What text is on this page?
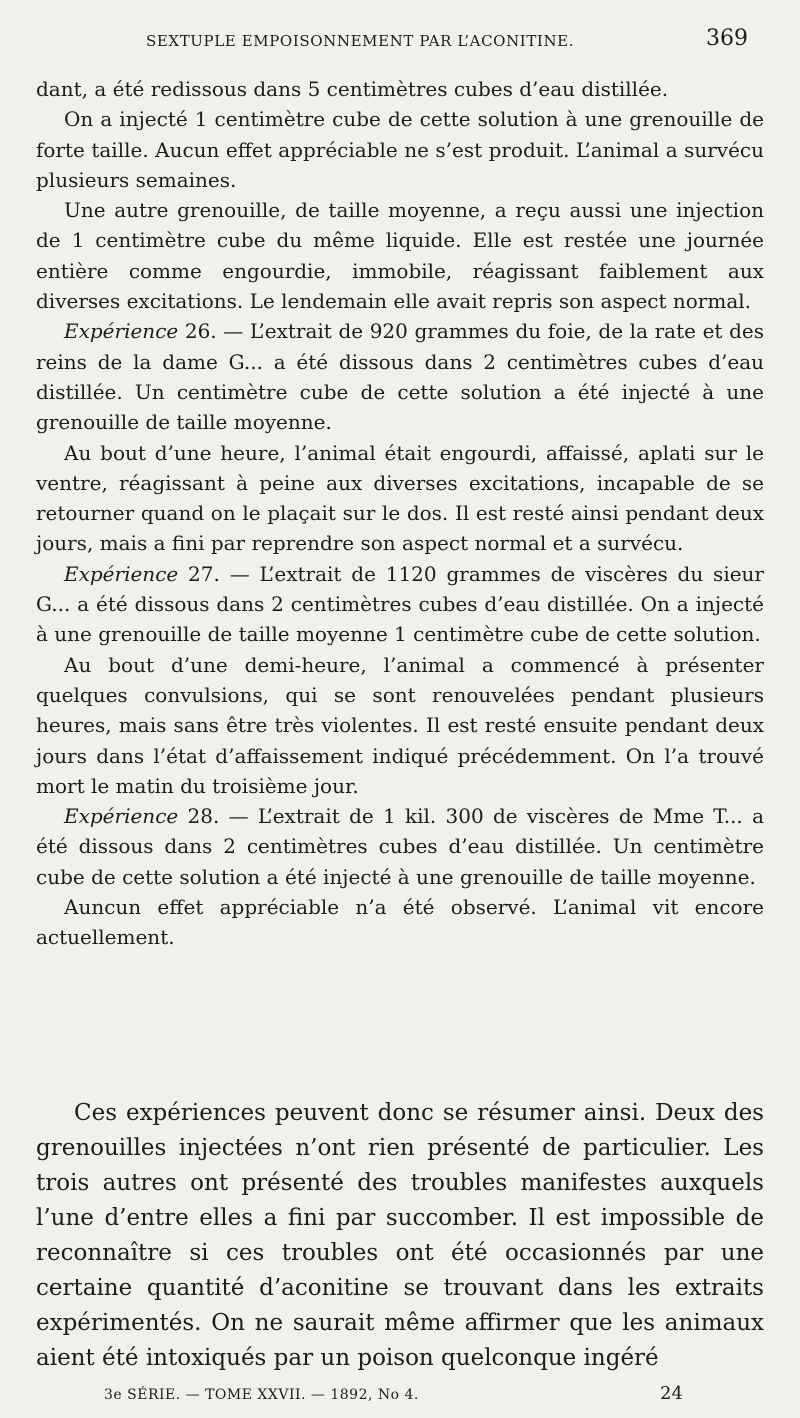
SEXTUPLE EMPOISONNEMENT PAR L’ACONITINE.	369

dant, a été redissous dans 5 centimètres cubes d’eau distillée.

On a injecté 1 centimètre cube de cette solution à une grenouille de forte taille. Aucun effet appréciable ne s’est produit. L’animal a survécu plusieurs semaines.

Une autre grenouille, de taille moyenne, a reçu aussi une injection de 1 centimètre cube du même liquide. Elle est restée une journée entière comme engourdie, immobile, réagissant faiblement aux diverses excitations. Le lendemain elle avait repris son aspect normal.

Expérience 26. — L’extrait de 920 grammes du foie, de la rate et des reins de la dame G... a été dissous dans 2 centimètres cubes d’eau distillée. Un centimètre cube de cette solution a été injecté à une grenouille de taille moyenne.

Au bout d’une heure, l’animal était engourdi, affaissé, aplati sur le ventre, réagissant à peine aux diverses excitations, incapable de se retourner quand on le plaçait sur le dos. Il est resté ainsi pendant deux jours, mais a fini par reprendre son aspect normal et a survécu.

Expérience 27. — L’extrait de 1120 grammes de viscères du sieur G... a été dissous dans 2 centimètres cubes d’eau distillée. On a injecté à une grenouille de taille moyenne 1 centimètre cube de cette solution.

Au bout d’une demi-heure, l’animal a commencé à présenter quelques convulsions, qui se sont renouvelées pendant plusieurs heures, mais sans être très violentes. Il est resté ensuite pendant deux jours dans l’état d’affaissement indiqué précédemment. On l’a trouvé mort le matin du troisième jour.

Expérience 28. — L’extrait de 1 kil. 300 de viscères de Mme T... a été dissous dans 2 centimètres cubes d’eau distillée. Un centimètre cube de cette solution a été injecté à une grenouille de taille moyenne.

Auncun effet appréciable n’a été observé. L’animal vit encore actuellement.

Ces expériences peuvent donc se résumer ainsi. Deux des grenouilles injectées n’ont rien présenté de particulier. Les trois autres ont présenté des troubles manifestes auxquels l’une d’entre elles a fini par succomber. Il est impossible de reconnaître si ces troubles ont été occasionnés par une certaine quantité d’aconitine se trouvant dans les extraits expérimentés. On ne saurait même affirmer que les animaux aient été intoxiqués par un poison quelconque ingéré

3e SÉRIE. — TOME XXVII. — 1892, No 4.	24
